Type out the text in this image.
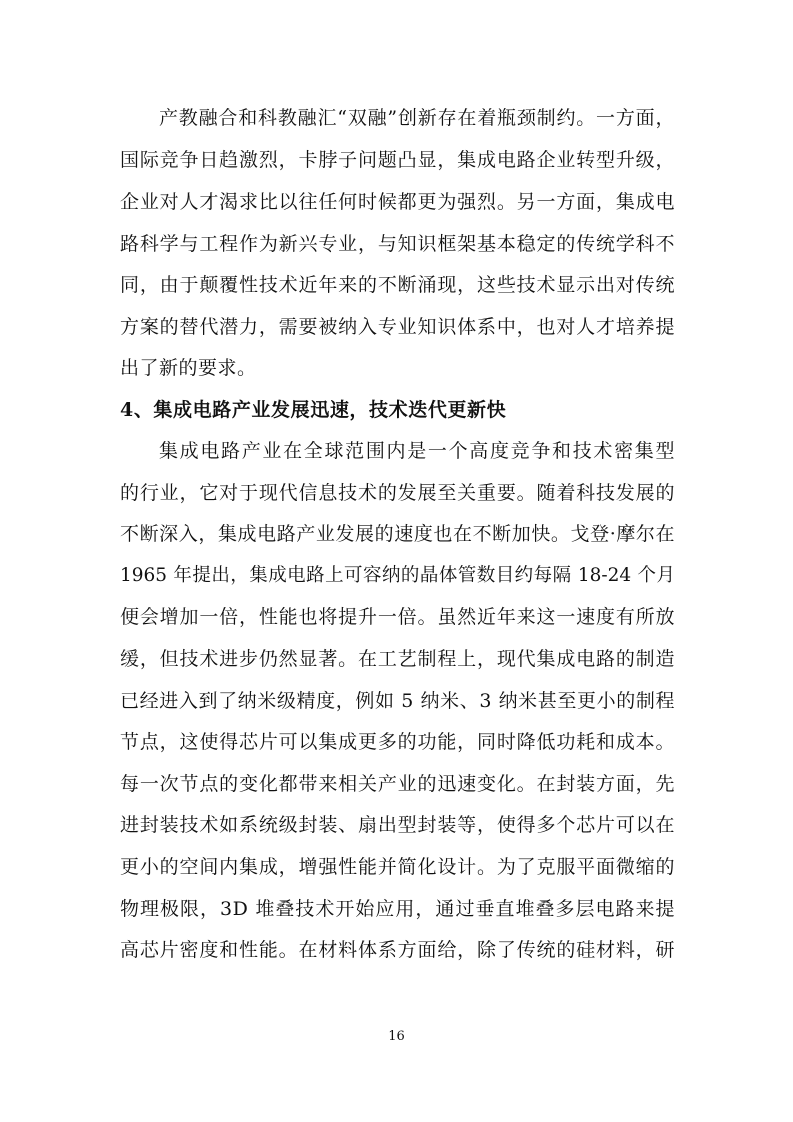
产教融合和科教融汇“双融”创新存在着瓶颈制约。一方面，
国际竞争日趋激烈，卡脖子问题凸显，集成电路企业转型升级，
企业对人才渴求比以往任何时候都更为强烈。另一方面，集成电
路科学与工程作为新兴专业，与知识框架基本稳定的传统学科不
同，由于颠覆性技术近年来的不断涌现，这些技术显示出对传统
方案的替代潜力，需要被纳入专业知识体系中，也对人才培养提
出了新的要求。
4、集成电路产业发展迅速，技术迭代更新快
集成电路产业在全球范围内是一个高度竞争和技术密集型
的行业，它对于现代信息技术的发展至关重要。随着科技发展的
不断深入，集成电路产业发展的速度也在不断加快。戈登·摩尔在
1965 年提出，集成电路上可容纳的晶体管数目约每隔 18-24 个月
便会增加一倍，性能也将提升一倍。虽然近年来这一速度有所放
缓，但技术进步仍然显著。在工艺制程上，现代集成电路的制造
已经进入到了纳米级精度，例如 5 纳米、3 纳米甚至更小的制程
节点，这使得芯片可以集成更多的功能，同时降低功耗和成本。
每一次节点的变化都带来相关产业的迅速变化。在封装方面，先
进封装技术如系统级封装、扇出型封装等，使得多个芯片可以在
更小的空间内集成，增强性能并简化设计。为了克服平面微缩的
物理极限，3D 堆叠技术开始应用，通过垂直堆叠多层电路来提
高芯片密度和性能。在材料体系方面给，除了传统的硅材料，研
16
